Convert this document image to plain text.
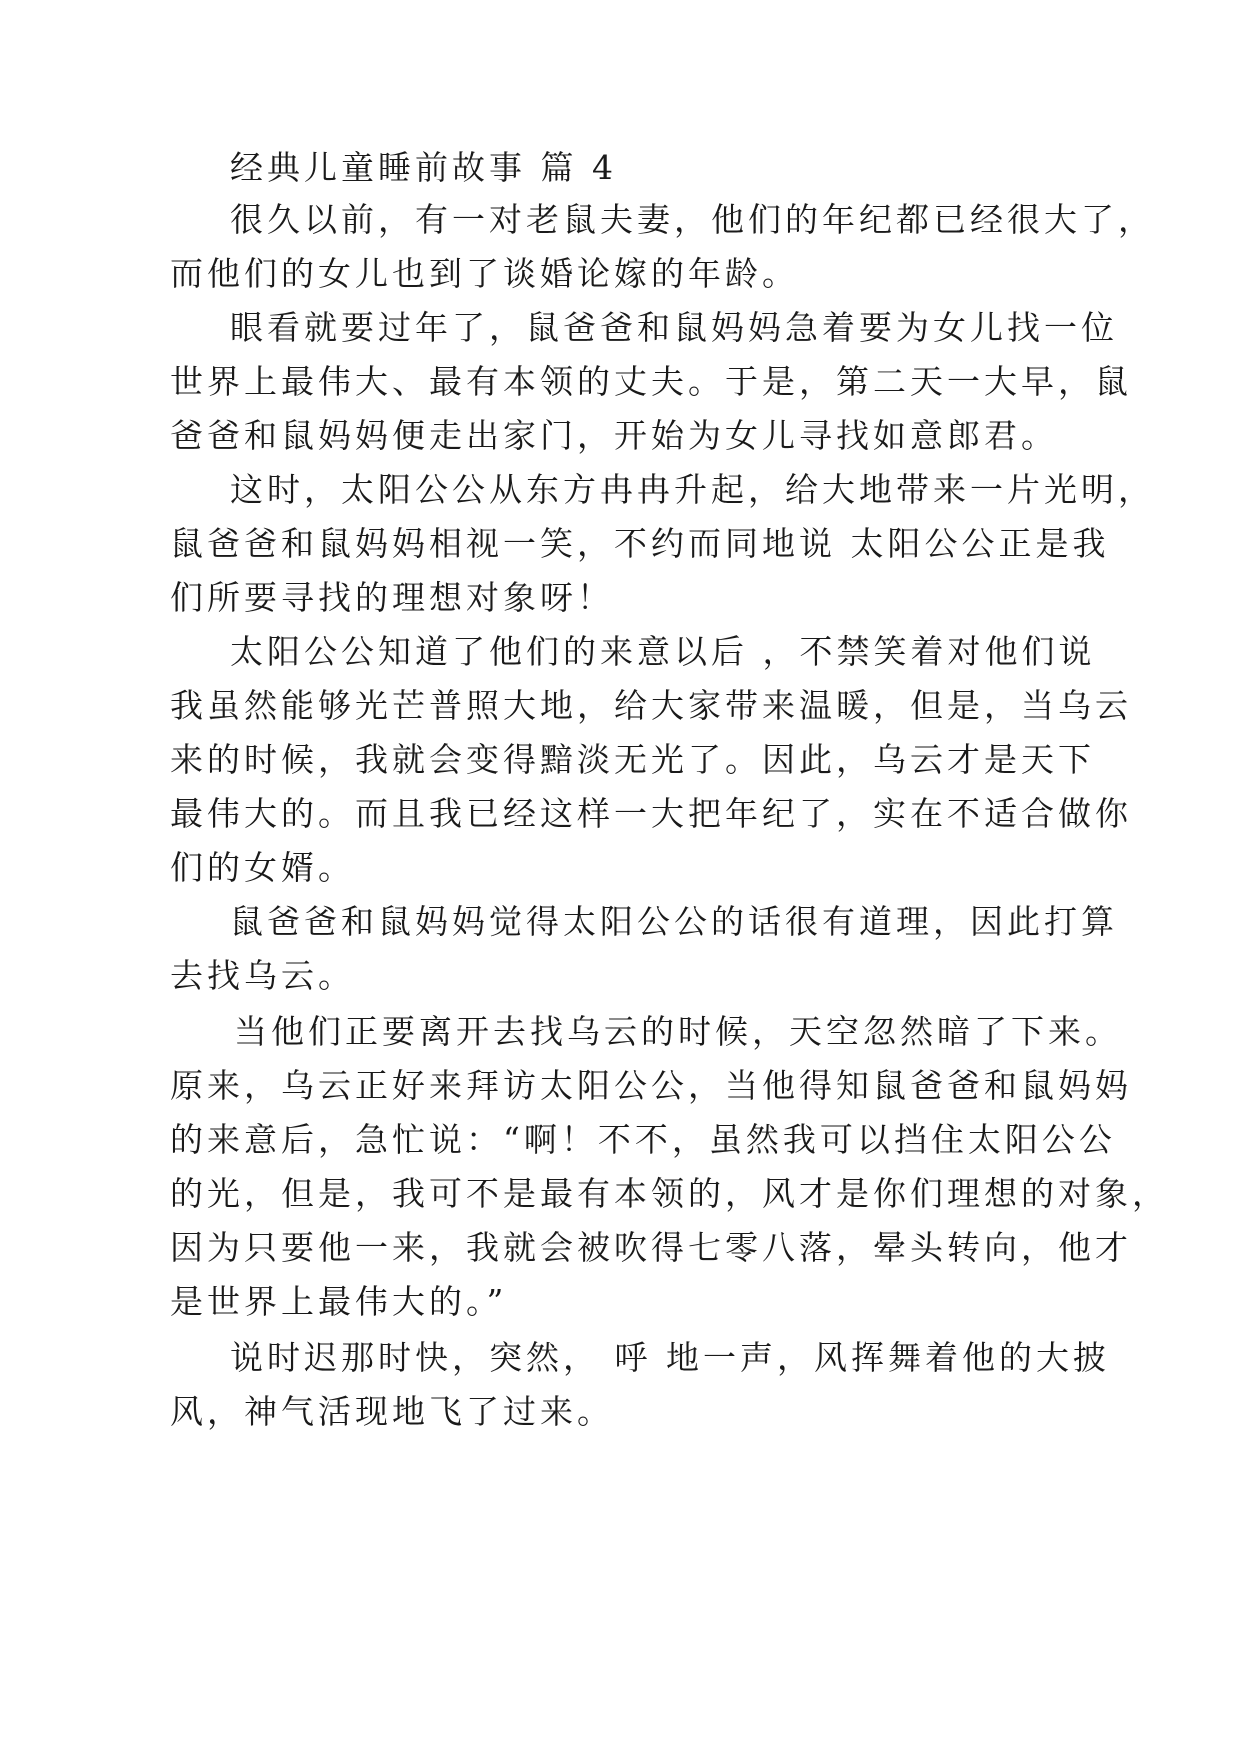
经典儿童睡前故事 篇 4
很久以前，有一对老鼠夫妻，他们的年纪都已经很大了，
而他们的女儿也到了谈婚论嫁的年龄。
眼看就要过年了，鼠爸爸和鼠妈妈急着要为女儿找一位
世界上最伟大、最有本领的丈夫。于是，第二天一大早，鼠
爸爸和鼠妈妈便走出家门，开始为女儿寻找如意郎君。
这时，太阳公公从东方冉冉升起，给大地带来一片光明，
鼠爸爸和鼠妈妈相视一笑，不约而同地说 太阳公公正是我
们所要寻找的理想对象呀！
太阳公公知道了他们的来意以后 ，不禁笑着对他们说
我虽然能够光芒普照大地，给大家带来温暖，但是，当乌云
来的时候，我就会变得黯淡无光了。因此，乌云才是天下
最伟大的。而且我已经这样一大把年纪了，实在不适合做你
们的女婿。
鼠爸爸和鼠妈妈觉得太阳公公的话很有道理，因此打算
去找乌云。
当他们正要离开去找乌云的时候，天空忽然暗了下来。
原来，乌云正好来拜访太阳公公，当他得知鼠爸爸和鼠妈妈
的来意后，急忙说：“啊！不不，虽然我可以挡住太阳公公
的光，但是，我可不是最有本领的，风才是你们理想的对象，
因为只要他一来，我就会被吹得七零八落，晕头转向，他才
是世界上最伟大的。”
说时迟那时快，突然， 呼 地一声，风挥舞着他的大披
风，神气活现地飞了过来。
